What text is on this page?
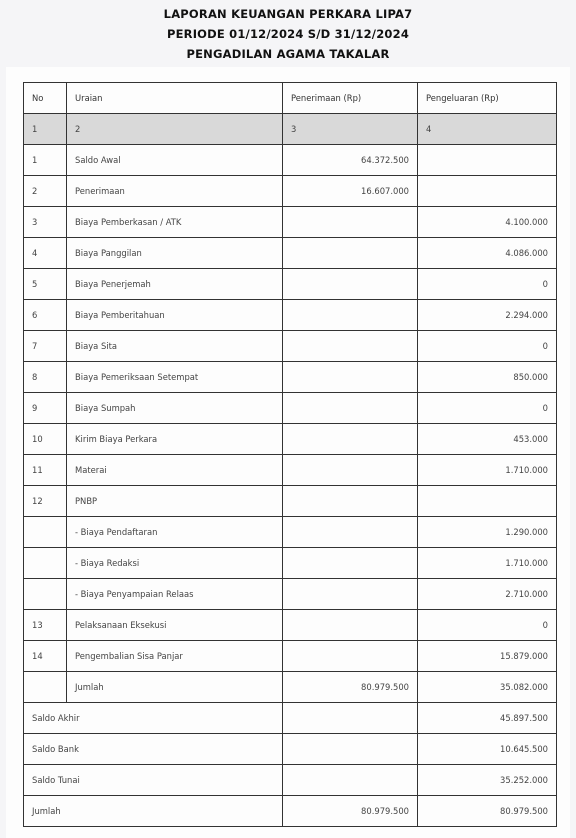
LAPORAN KEUANGAN PERKARA LIPA7
PERIODE 01/12/2024 S/D 31/12/2024
PENGADILAN AGAMA TAKALAR
No	Uraian	Penerimaan (Rp)	Pengeluaran (Rp)
1	2	3	4
1	Saldo Awal	64.372.500	
2	Penerimaan	16.607.000	
3	Biaya Pemberkasan / ATK		4.100.000
4	Biaya Panggilan		4.086.000
5	Biaya Penerjemah		0
6	Biaya Pemberitahuan		2.294.000
7	Biaya Sita		0
8	Biaya Pemeriksaan Setempat		850.000
9	Biaya Sumpah		0
10	Kirim Biaya Perkara		453.000
11	Materai		1.710.000
12	PNBP		
	- Biaya Pendaftaran		1.290.000
	- Biaya Redaksi		1.710.000
	- Biaya Penyampaian Relaas		2.710.000
13	Pelaksanaan Eksekusi		0
14	Pengembalian Sisa Panjar		15.879.000
	Jumlah	80.979.500	35.082.000
Saldo Akhir			45.897.500
Saldo Bank			10.645.500
Saldo Tunai			35.252.000
Jumlah		80.979.500	80.979.500
